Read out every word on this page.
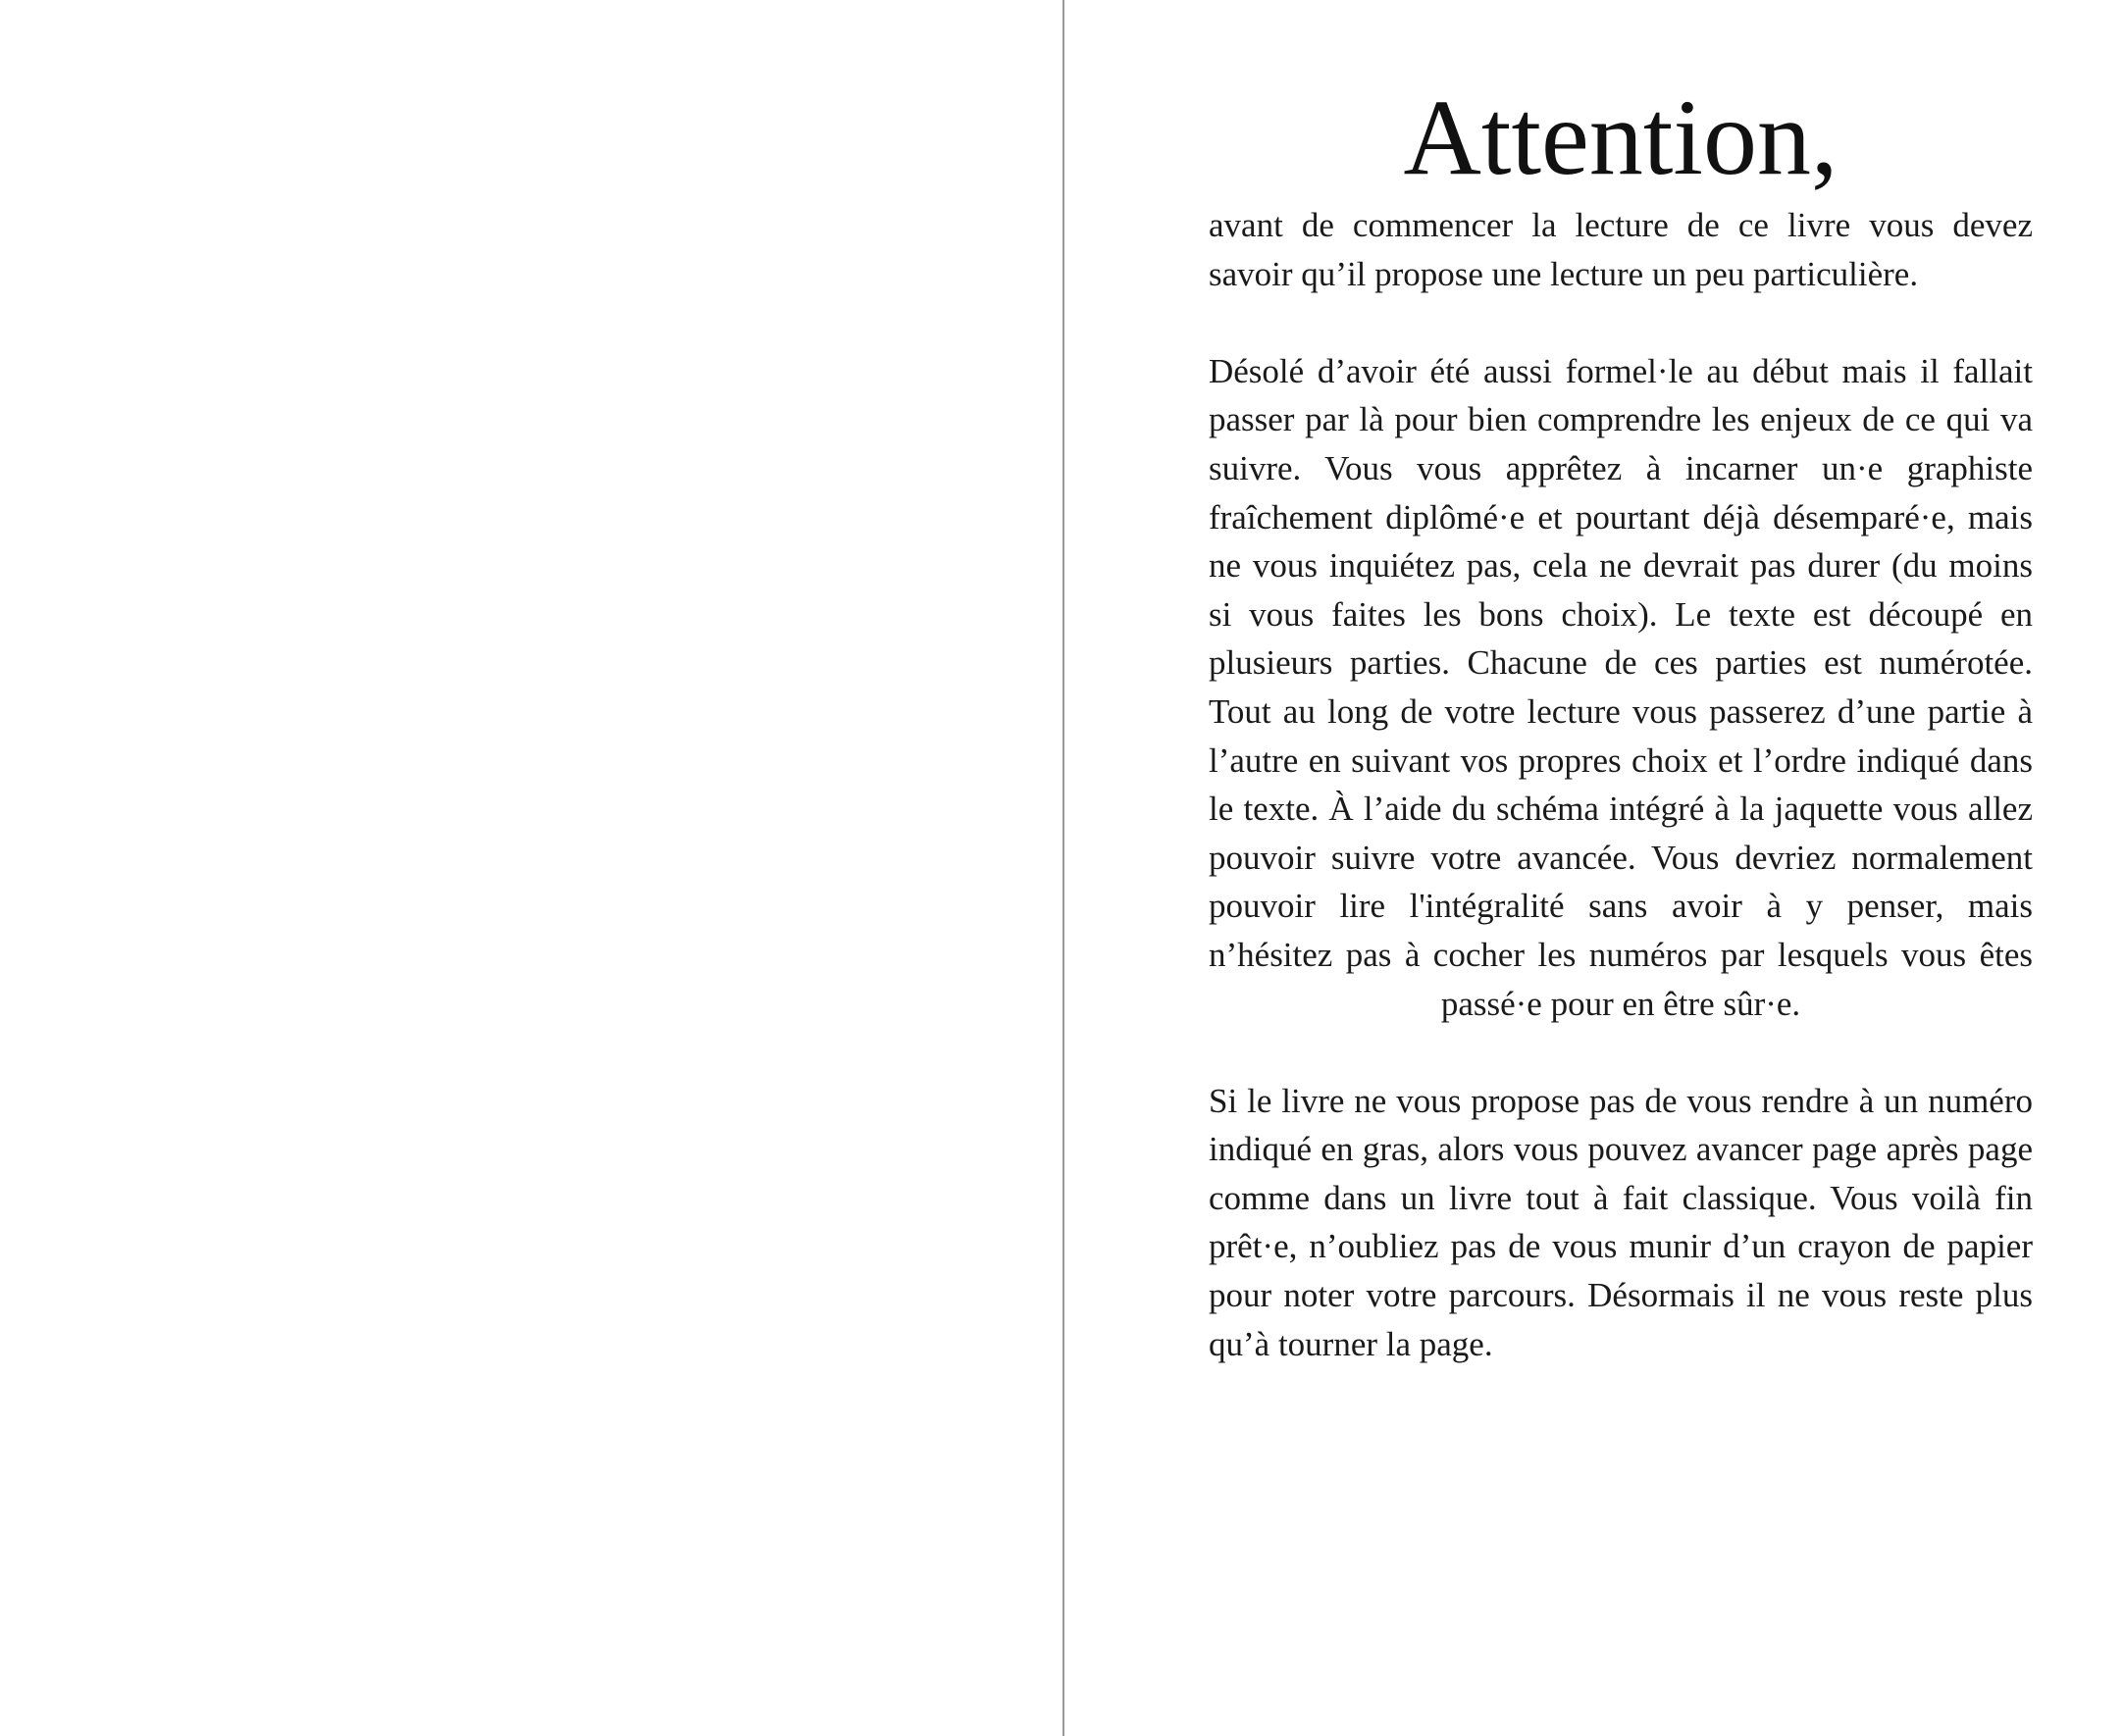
Attention,

avant de commencer la lecture de ce livre vous devez savoir qu’il propose une lecture un peu particulière.

Désolé d’avoir été aussi formel·le au début mais il fallait passer par là pour bien comprendre les enjeux de ce qui va suivre. Vous vous apprêtez à incarner un·e graphiste fraîchement diplômé·e et pourtant déjà désemparé·e, mais ne vous inquiétez pas, cela ne devrait pas durer (du moins si vous faites les bons choix). Le texte est découpé en plusieurs parties. Chacune de ces parties est numérotée. Tout au long de votre lecture vous passerez d’une partie à l’autre en suivant vos propres choix et l’ordre indiqué dans le texte. À l’aide du schéma intégré à la jaquette vous allez pouvoir suivre votre avancée. Vous devriez normalement pouvoir lire l'intégralité sans avoir à y penser, mais n’hésitez pas à cocher les numéros par lesquels vous êtes passé·e pour en être sûr·e.

Si le livre ne vous propose pas de vous rendre à un numéro indiqué en gras, alors vous pouvez avancer page après page comme dans un livre tout à fait classique. Vous voilà fin prêt·e, n’oubliez pas de vous munir d’un crayon de papier pour noter votre parcours. Désormais il ne vous reste plus qu’à tourner la page.
